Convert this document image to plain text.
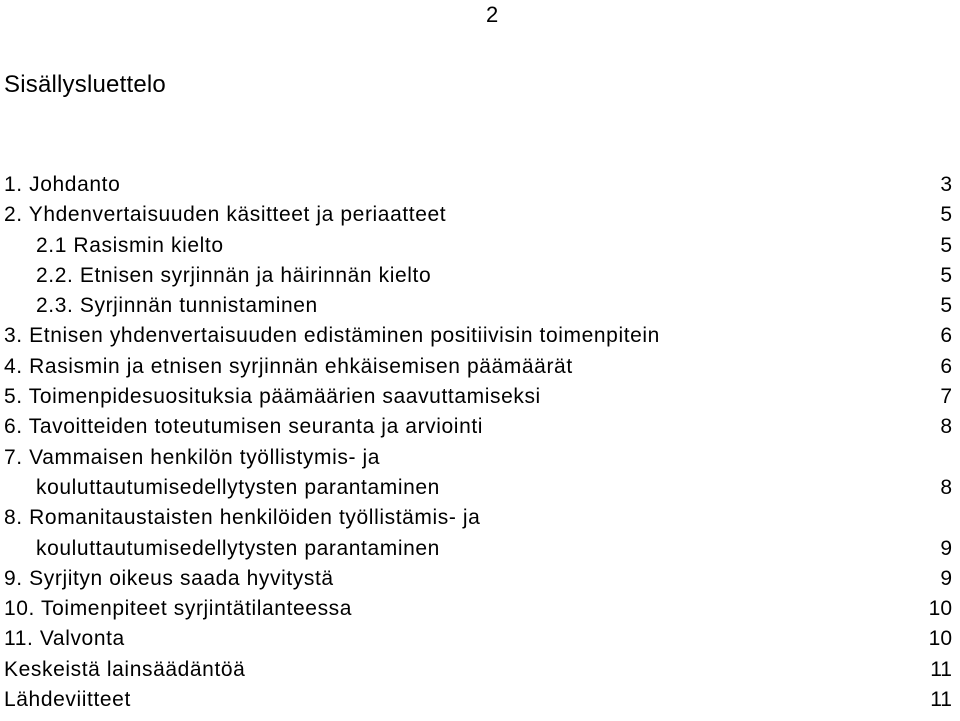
2
Sisällysluettelo
1. Johdanto	3
2. Yhdenvertaisuuden käsitteet ja periaatteet	5
2.1 Rasismin kielto	5
2.2. Etnisen syrjinnän ja häirinnän kielto	5
2.3. Syrjinnän tunnistaminen	5
3. Etnisen yhdenvertaisuuden edistäminen positiivisin toimenpitein	6
4. Rasismin ja etnisen syrjinnän ehkäisemisen päämäärät	6
5. Toimenpidesuosituksia päämäärien saavuttamiseksi	7
6. Tavoitteiden toteutumisen seuranta ja arviointi	8
7. Vammaisen henkilön työllistymis- ja
kouluttautumisedellytysten parantaminen	8
8. Romanitaustaisten henkilöiden työllistämis- ja
kouluttautumisedellytysten parantaminen	9
9. Syrjityn oikeus saada hyvitystä	9
10. Toimenpiteet syrjintätilanteessa	10
11. Valvonta	10
Keskeistä lainsäädäntöä	11
Lähdeviitteet	11
